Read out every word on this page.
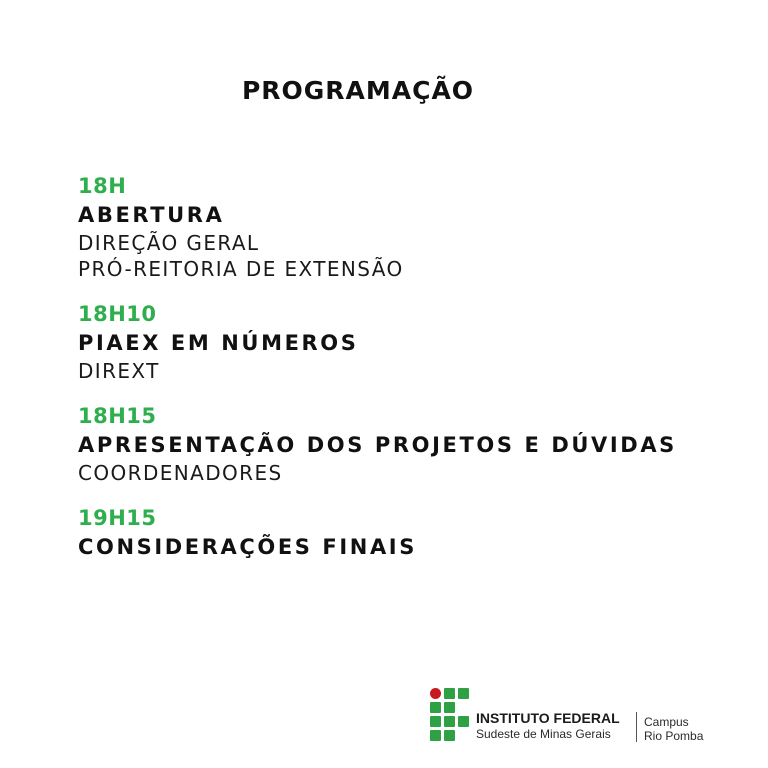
PROGRAMAÇÃO
18H
ABERTURA
DIREÇÃO GERAL
PRÓ-REITORIA DE EXTENSÃO
18H10
PIAEX EM NÚMEROS
DIREXT
18H15
APRESENTAÇÃO DOS PROJETOS E DÚVIDAS
COORDENADORES
19H15
CONSIDERAÇÕES FINAIS
INSTITUTO FEDERAL
Sudeste de Minas Gerais
Campus
Rio Pomba
